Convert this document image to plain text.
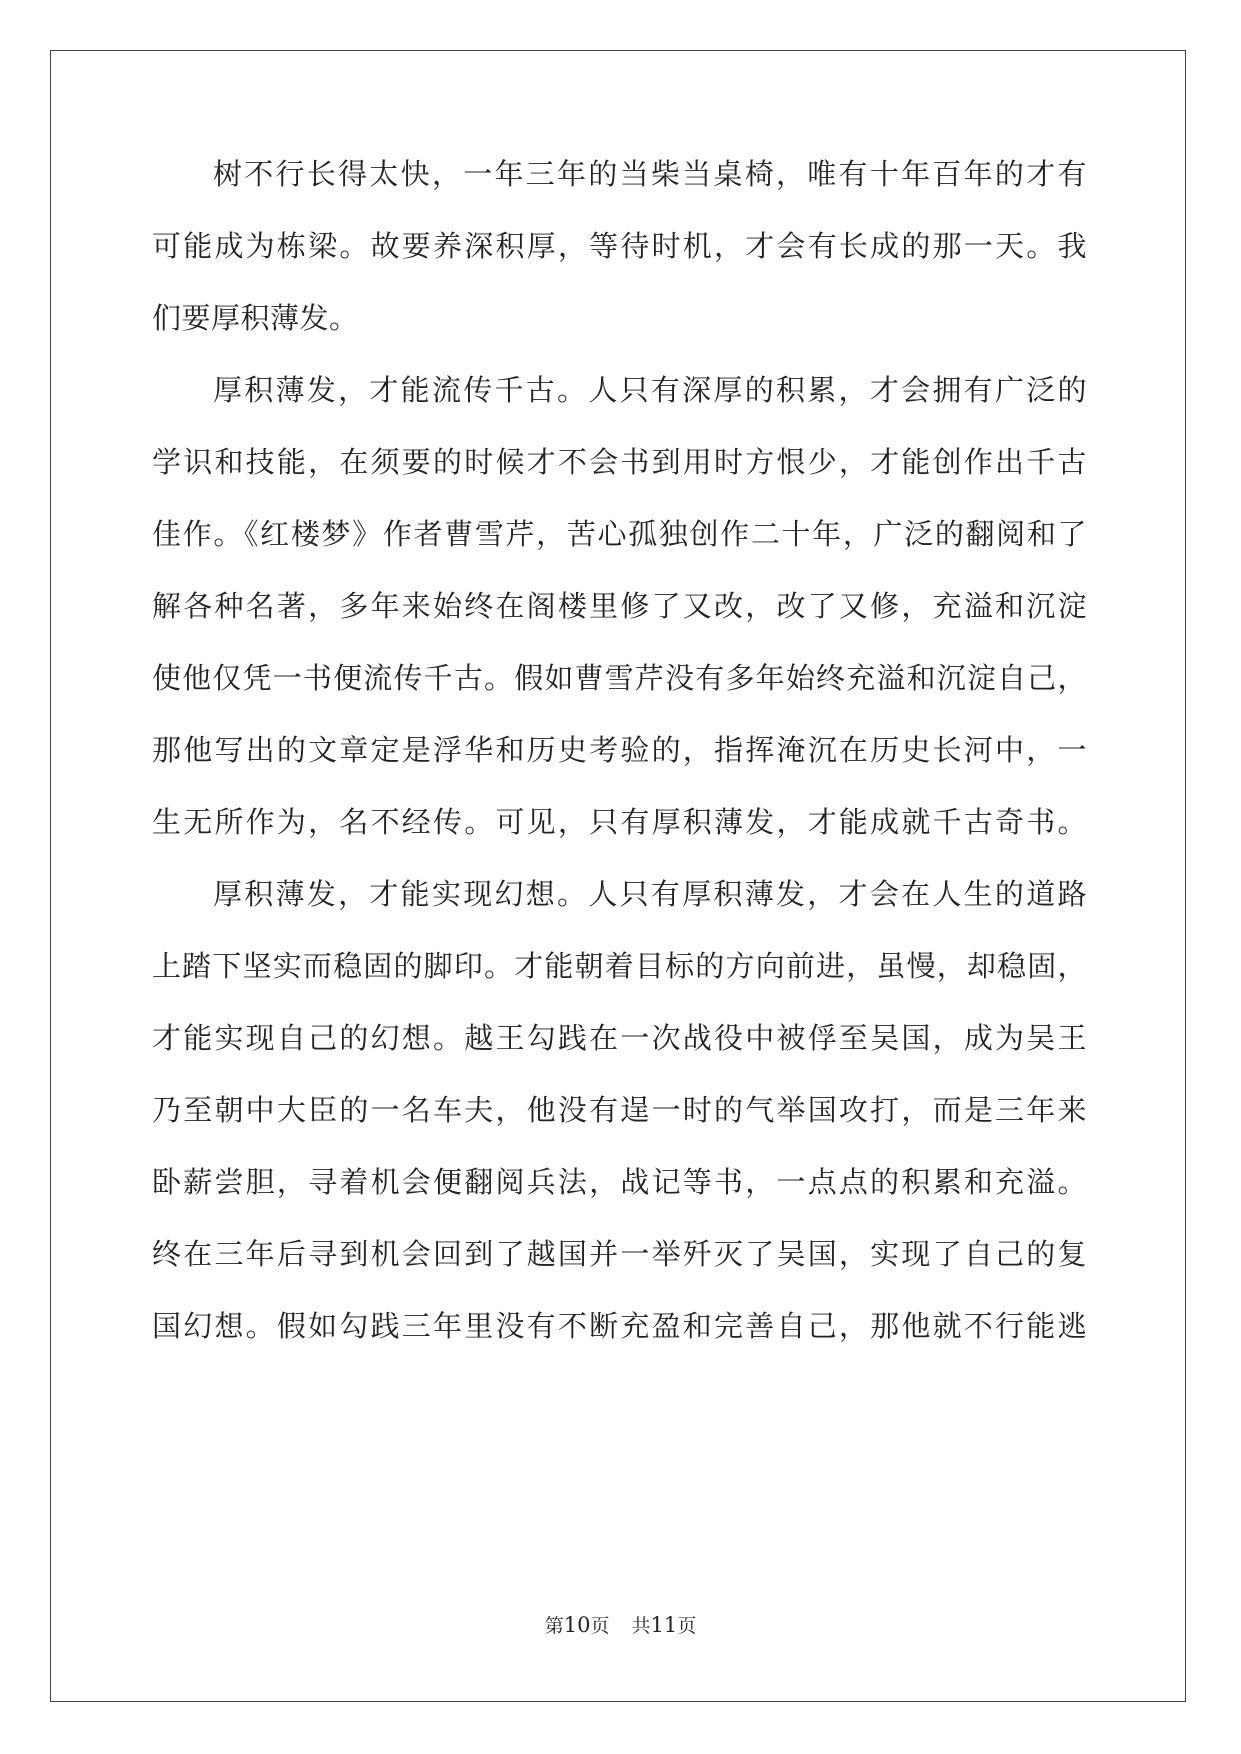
树不行长得太快，一年三年的当柴当桌椅，唯有十年百年的才有
可能成为栋梁。故要养深积厚，等待时机，才会有长成的那一天。我
们要厚积薄发。
厚积薄发，才能流传千古。人只有深厚的积累，才会拥有广泛的
学识和技能，在须要的时候才不会书到用时方恨少，才能创作出千古
佳作。《红楼梦》作者曹雪芹，苦心孤独创作二十年，广泛的翻阅和了
解各种名著，多年来始终在阁楼里修了又改，改了又修，充溢和沉淀
使他仅凭一书便流传千古。假如曹雪芹没有多年始终充溢和沉淀自己，
那他写出的文章定是浮华和历史考验的，指挥淹沉在历史长河中，一
生无所作为，名不经传。可见，只有厚积薄发，才能成就千古奇书。
厚积薄发，才能实现幻想。人只有厚积薄发，才会在人生的道路
上踏下坚实而稳固的脚印。才能朝着目标的方向前进，虽慢，却稳固，
才能实现自己的幻想。越王勾践在一次战役中被俘至吴国，成为吴王
乃至朝中大臣的一名车夫，他没有逞一时的气举国攻打，而是三年来
卧薪尝胆，寻着机会便翻阅兵法，战记等书，一点点的积累和充溢。
终在三年后寻到机会回到了越国并一举歼灭了吴国，实现了自己的复
国幻想。假如勾践三年里没有不断充盈和完善自己，那他就不行能逃
第10页 共11页
